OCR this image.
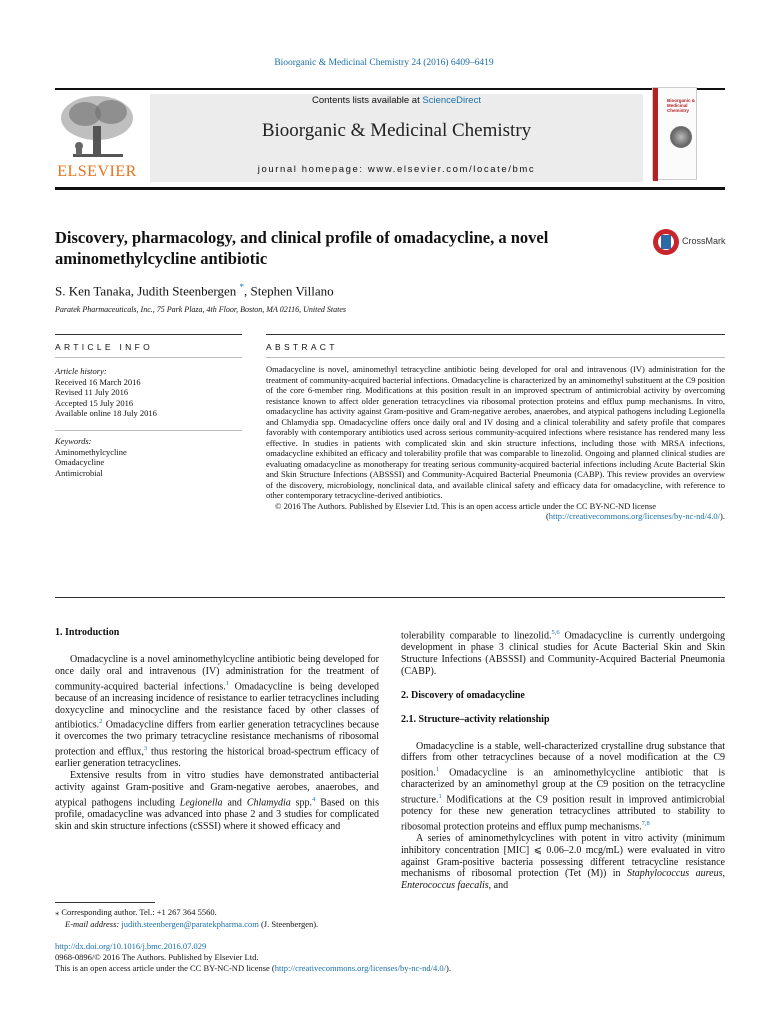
Bioorganic & Medicinal Chemistry 24 (2016) 6409–6419
ELSEVIER
Contents lists available at ScienceDirect
Bioorganic & Medicinal Chemistry
journal homepage: www.elsevier.com/locate/bmc
Bioorganic & Medicinal Chemistry
Discovery, pharmacology, and clinical profile of omadacycline, a novel aminomethylcycline antibiotic
CrossMark
S. Ken Tanaka, Judith Steenbergen *, Stephen Villano
Paratek Pharmaceuticals, Inc., 75 Park Plaza, 4th Floor, Boston, MA 02116, United States
ARTICLE INFO	ABSTRACT
Article history:
Received 16 March 2016
Revised 11 July 2016
Accepted 15 July 2016
Available online 18 July 2016
Keywords:
Aminomethylcycline
Omadacycline
Antimicrobial

Omadacycline is novel, aminomethyl tetracycline antibiotic being developed for oral and intravenous (IV) administration for the treatment of community-acquired bacterial infections. Omadacycline is characterized by an aminomethyl substituent at the C9 position of the core 6-member ring. Modifications at this position result in an improved spectrum of antimicrobial activity by overcoming resistance known to affect older generation tetracyclines via ribosomal protection proteins and efflux pump mechanisms. In vitro, omadacycline has activity against Gram-positive and Gram-negative aerobes, anaerobes, and atypical pathogens including Legionella and Chlamydia spp. Omadacycline offers once daily oral and IV dosing and a clinical tolerability and safety profile that compares favorably with contemporary antibiotics used across serious community-acquired infections where resistance has rendered many less effective. In studies in patients with complicated skin and skin structure infections, including those with MRSA infections, omadacycline exhibited an efficacy and tolerability profile that was comparable to linezolid. Ongoing and planned clinical studies are evaluating omadacycline as monotherapy for treating serious community-acquired bacterial infections including Acute Bacterial Skin and Skin Structure Infections (ABSSSI) and Community-Acquired Bacterial Pneumonia (CABP). This review provides an overview of the discovery, microbiology, nonclinical data, and available clinical safety and efficacy data for omadacycline, with reference to other contemporary tetracycline-derived antibiotics.

© 2016 The Authors. Published by Elsevier Ltd. This is an open access article under the CC BY-NC-ND license

(http://creativecommons.org/licenses/by-nc-nd/4.0/).

1. Introduction

Omadacycline is a novel aminomethylcycline antibiotic being developed for once daily oral and intravenous (IV) administration for the treatment of community-acquired bacterial infections.$^1$ Omadacycline is being developed because of an increasing incidence of resistance to earlier tetracyclines including doxycycline and minocycline and the resistance faced by other classes of antibiotics.$^2$ Omadacycline differs from earlier generation tetracyclines because it overcomes the two primary tetracycline resistance mechanisms of ribosomal protection and efflux,$^3$ thus restoring the historical broad-spectrum efficacy of earlier generation tetracyclines.

Extensive results from in vitro studies have demonstrated antibacterial activity against Gram-positive and Gram-negative aerobes, anaerobes, and atypical pathogens including Legionella and Chlamydia spp.$^4$ Based on this profile, omadacycline was advanced into phase 2 and 3 studies for complicated skin and skin structure infections (cSSSI) where it showed efficacy and

tolerability comparable to linezolid.$^{5,6}$ Omadacycline is currently undergoing development in phase 3 clinical studies for Acute Bacterial Skin and Skin Structure Infections (ABSSSI) and Community-Acquired Bacterial Pneumonia (CABP).

2. Discovery of omadacycline
2.1. Structure–activity relationship

Omadacycline is a stable, well-characterized crystalline drug substance that differs from other tetracyclines because of a novel modification at the C9 position.$^1$ Omadacycline is an aminomethylcycline antibiotic that is characterized by an aminomethyl group at the C9 position on the tetracycline structure.$^1$ Modifications at the C9 position result in improved antimicrobial potency for these new generation tetracyclines attributed to stability to ribosomal protection proteins and efflux pump mechanisms.$^{7,8}$

A series of aminomethylcyclines with potent in vitro activity (minimum inhibitory concentration [MIC] ⩽ 0.06–2.0 mcg/mL) were evaluated in vitro against Gram-positive bacteria possessing different tetracycline resistance mechanisms of ribosomal protection (Tet (M)) in Staphylococcus aureus, Enterococcus faecalis, and

⁎ Corresponding author. Tel.: +1 267 364 5560.
E-mail address: judith.steenbergen@paratekpharma.com (J. Steenbergen).
http://dx.doi.org/10.1016/j.bmc.2016.07.029
0968-0896/© 2016 The Authors. Published by Elsevier Ltd.
This is an open access article under the CC BY-NC-ND license (http://creativecommons.org/licenses/by-nc-nd/4.0/).
